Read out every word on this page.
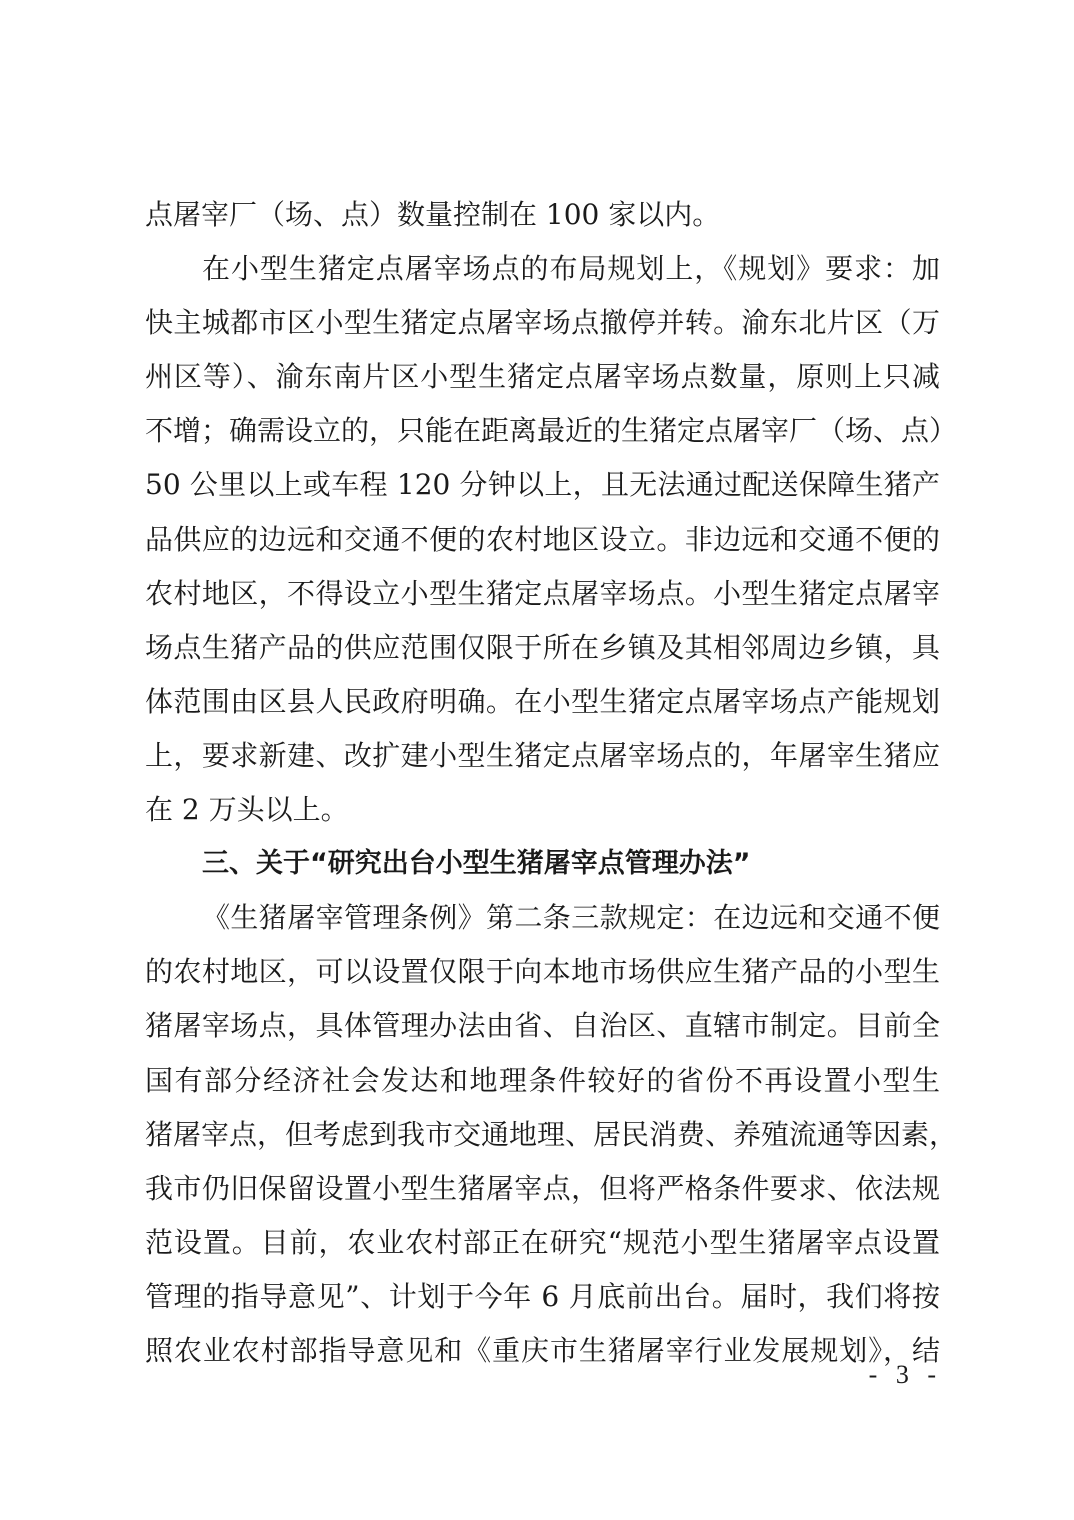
点屠宰厂（场、点）数量控制在 100 家以内。
在小型生猪定点屠宰场点的布局规划上，《规划》要求：加
快主城都市区小型生猪定点屠宰场点撤停并转。渝东北片区（万
州区等）、渝东南片区小型生猪定点屠宰场点数量，原则上只减
不增；确需设立的，只能在距离最近的生猪定点屠宰厂（场、点）
50 公里以上或车程 120 分钟以上，且无法通过配送保障生猪产
品供应的边远和交通不便的农村地区设立。非边远和交通不便的
农村地区，不得设立小型生猪定点屠宰场点。小型生猪定点屠宰
场点生猪产品的供应范围仅限于所在乡镇及其相邻周边乡镇，具
体范围由区县人民政府明确。在小型生猪定点屠宰场点产能规划
上，要求新建、改扩建小型生猪定点屠宰场点的，年屠宰生猪应
在 2 万头以上。
三、关于“研究出台小型生猪屠宰点管理办法”
《生猪屠宰管理条例》第二条三款规定：在边远和交通不便
的农村地区，可以设置仅限于向本地市场供应生猪产品的小型生
猪屠宰场点，具体管理办法由省、自治区、直辖市制定。目前全
国有部分经济社会发达和地理条件较好的省份不再设置小型生
猪屠宰点，但考虑到我市交通地理、居民消费、养殖流通等因素，
我市仍旧保留设置小型生猪屠宰点，但将严格条件要求、依法规
范设置。目前，农业农村部正在研究“规范小型生猪屠宰点设置
管理的指导意见”、计划于今年 6 月底前出台。届时，我们将按
照农业农村部指导意见和《重庆市生猪屠宰行业发展规划》，结
- 3 -
